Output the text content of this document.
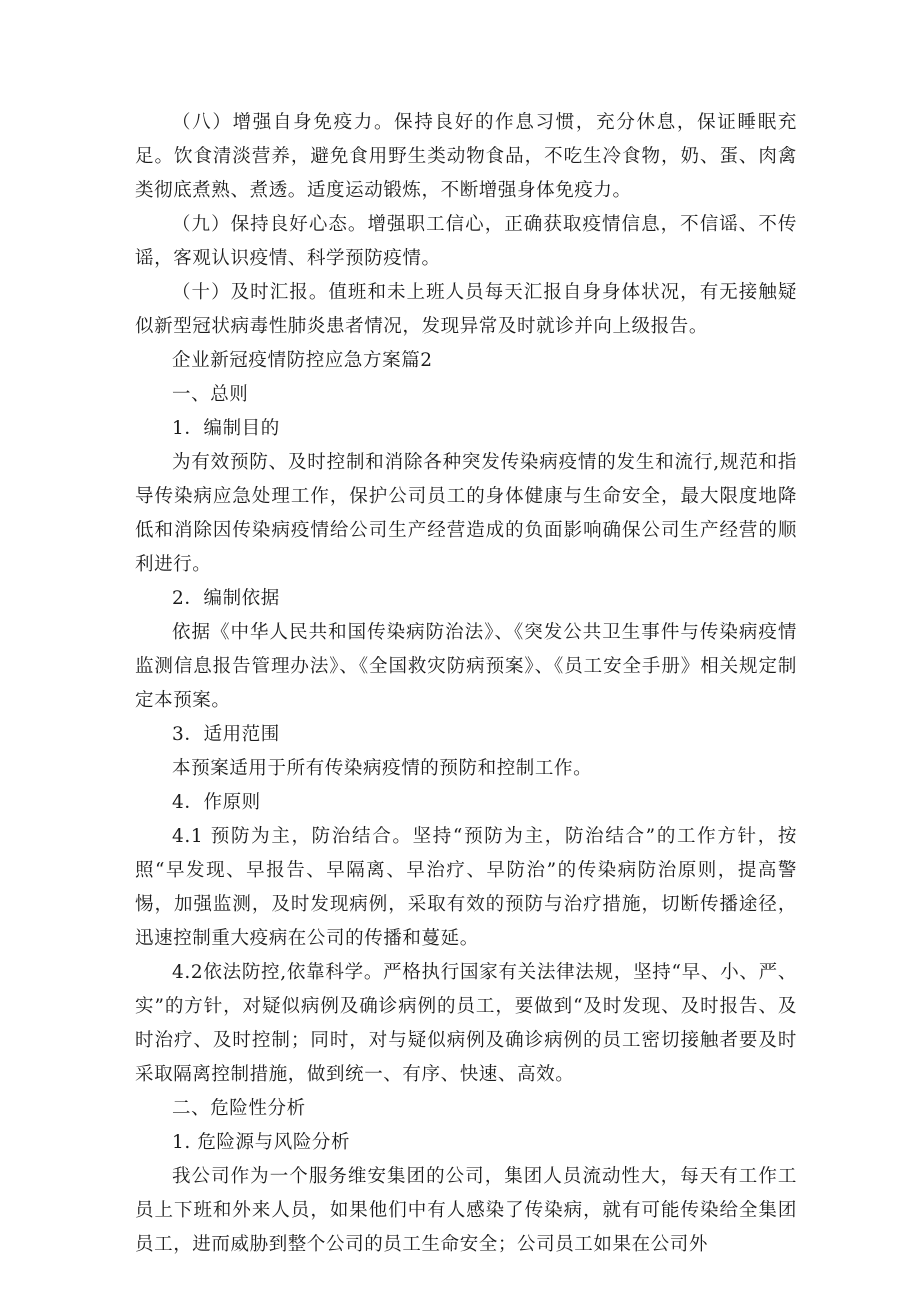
（八）增强自身免疫力。保持良好的作息习惯，充分休息，保证睡眠充足。饮食清淡营养，避免食用野生类动物食品，不吃生冷食物，奶、蛋、肉禽类彻底煮熟、煮透。适度运动锻炼，不断增强身体免疫力。

（九）保持良好心态。增强职工信心，正确获取疫情信息，不信谣、不传谣，客观认识疫情、科学预防疫情。

（十）及时汇报。值班和未上班人员每天汇报自身身体状况，有无接触疑似新型冠状病毒性肺炎患者情况，发现异常及时就诊并向上级报告。

企业新冠疫情防控应急方案篇2
一、总则
1．编制目的

为有效预防、及时控制和消除各种突发传染病疫情的发生和流行,规范和指导传染病应急处理工作，保护公司员工的身体健康与生命安全，最大限度地降低和消除因传染病疫情给公司生产经营造成的负面影响确保公司生产经营的顺利进行。

2．编制依据

依据《中华人民共和国传染病防治法》、《突发公共卫生事件与传染病疫情监测信息报告管理办法》、《全国救灾防病预案》、《员工安全手册》相关规定制定本预案。

3．适用范围

本预案适用于所有传染病疫情的预防和控制工作。

4．作原则

4.1 预防为主，防治结合。坚持“预防为主，防治结合”的工作方针，按照“早发现、早报告、早隔离、早治疗、早防治”的传染病防治原则，提高警惕，加强监测，及时发现病例，采取有效的预防与治疗措施，切断传播途径，迅速控制重大疫病在公司的传播和蔓延。

4.2依法防控,依靠科学。严格执行国家有关法律法规，坚持“早、小、严、实”的方针，对疑似病例及确诊病例的员工，要做到“及时发现、及时报告、及时治疗、及时控制；同时，对与疑似病例及确诊病例的员工密切接触者要及时采取隔离控制措施，做到统一、有序、快速、高效。

二、危险性分析
1. 危险源与风险分析

我公司作为一个服务维安集团的公司，集团人员流动性大，每天有工作工员上下班和外来人员，如果他们中有人感染了传染病，就有可能传染给全集团员工，进而威胁到整个公司的员工生命安全；公司员工如果在公司外
